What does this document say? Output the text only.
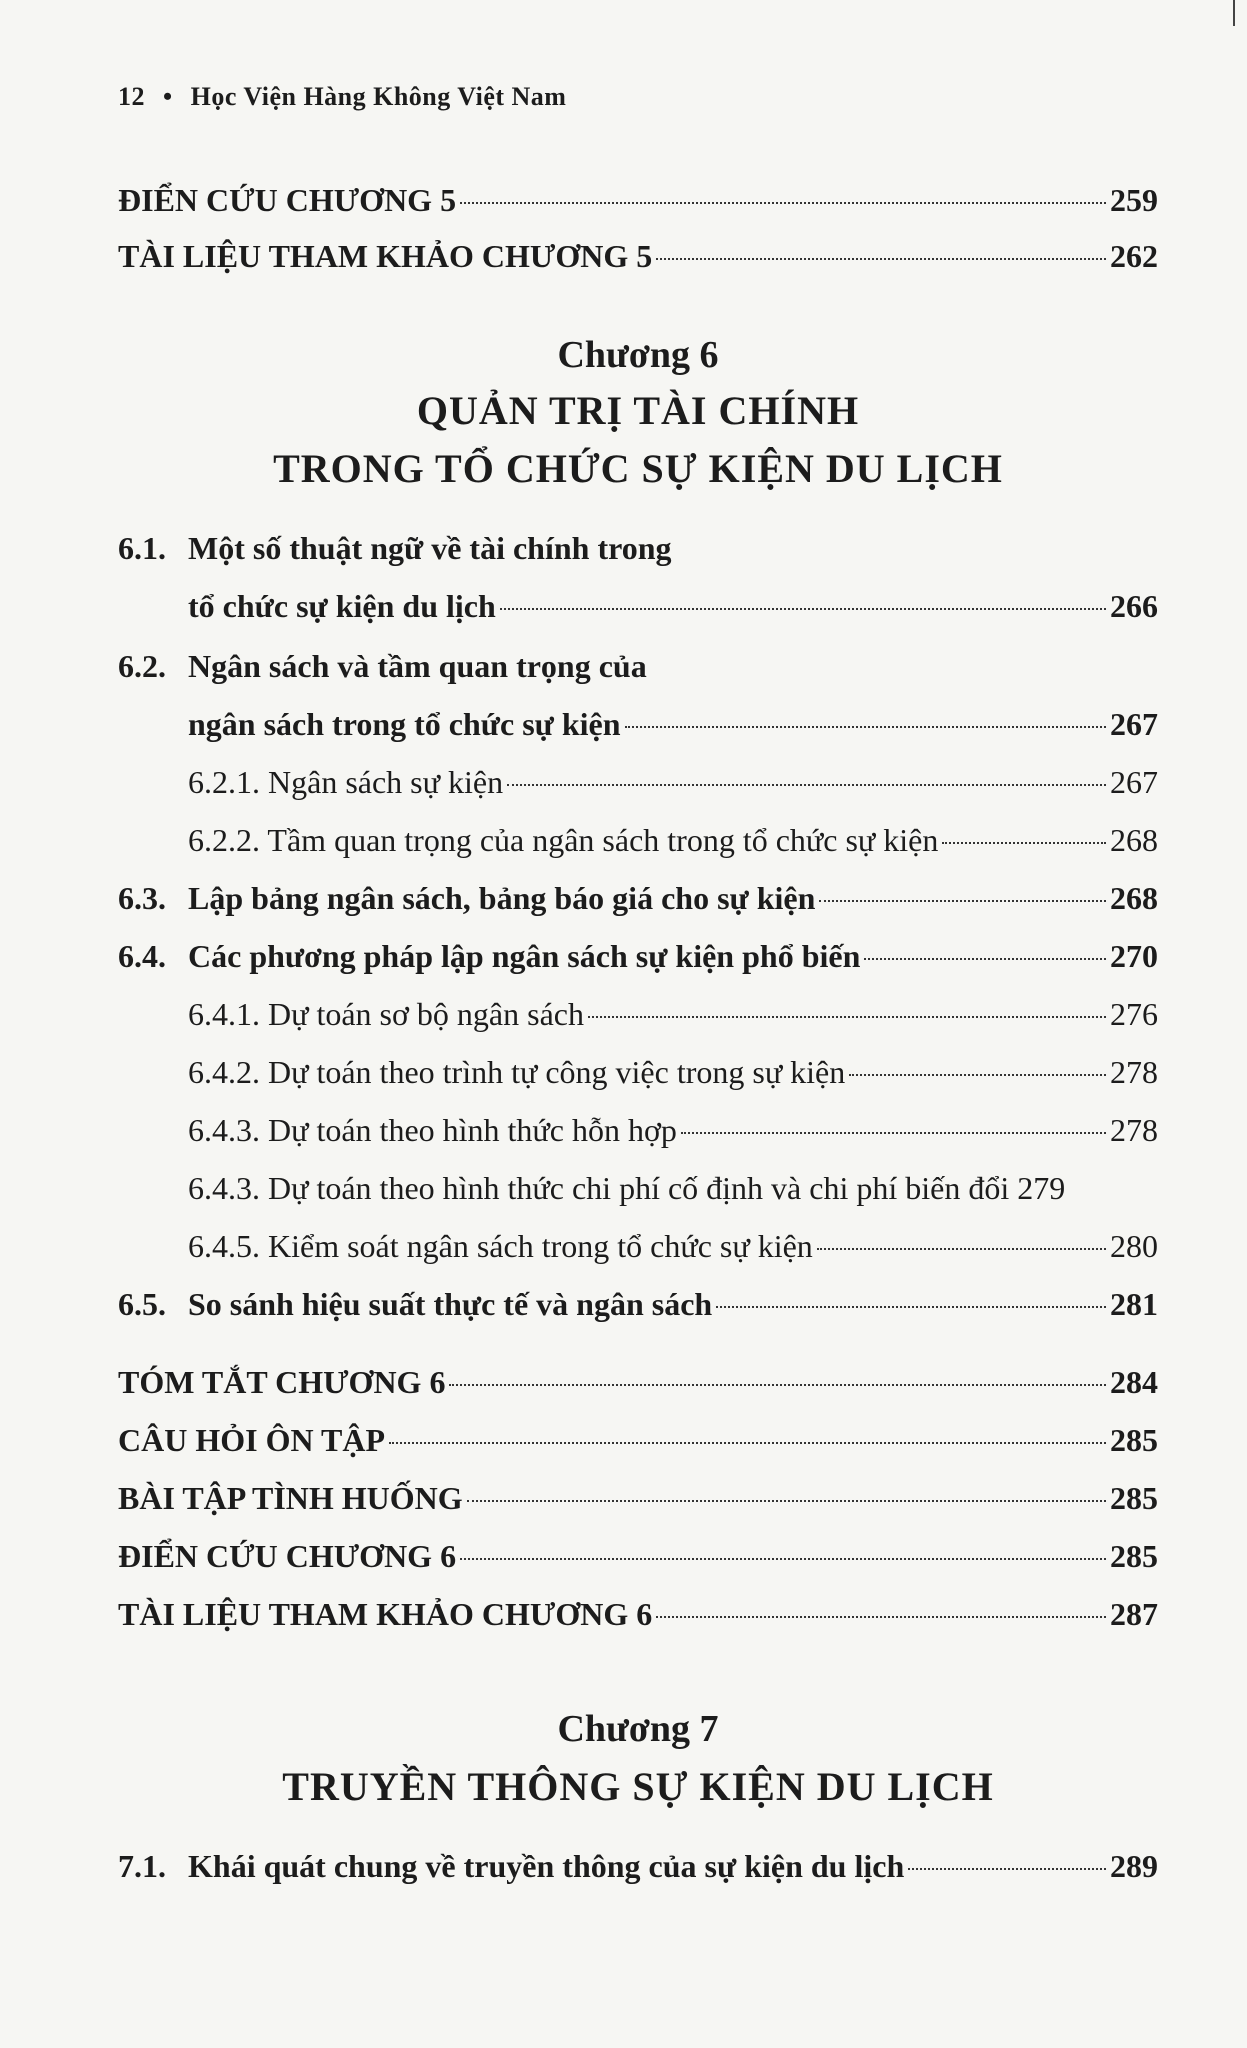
12 • Học Viện Hàng Không Việt Nam
ĐIỂN CỨU CHƯƠNG 5	259
TÀI LIỆU THAM KHẢO CHƯƠNG 5	262
Chương 6
QUẢN TRỊ TÀI CHÍNH
TRONG TỔ CHỨC SỰ KIỆN DU LỊCH
6.1. Một số thuật ngữ về tài chính trong
tổ chức sự kiện du lịch	266
6.2. Ngân sách và tầm quan trọng của
ngân sách trong tổ chức sự kiện	267
6.2.1. Ngân sách sự kiện	267
6.2.2. Tầm quan trọng của ngân sách trong tổ chức sự kiện	268
6.3. Lập bảng ngân sách, bảng báo giá cho sự kiện	268
6.4. Các phương pháp lập ngân sách sự kiện phổ biến	270
6.4.1. Dự toán sơ bộ ngân sách	276
6.4.2. Dự toán theo trình tự công việc trong sự kiện	278
6.4.3. Dự toán theo hình thức hỗn hợp	278
6.4.3. Dự toán theo hình thức chi phí cố định và chi phí biến đổi 279
6.4.5. Kiểm soát ngân sách trong tổ chức sự kiện	280
6.5. So sánh hiệu suất thực tế và ngân sách	281
TÓM TẮT CHƯƠNG 6	284
CÂU HỎI ÔN TẬP	285
BÀI TẬP TÌNH HUỐNG	285
ĐIỂN CỨU CHƯƠNG 6	285
TÀI LIỆU THAM KHẢO CHƯƠNG 6	287
Chương 7
TRUYỀN THÔNG SỰ KIỆN DU LỊCH
7.1. Khái quát chung về truyền thông của sự kiện du lịch	289
